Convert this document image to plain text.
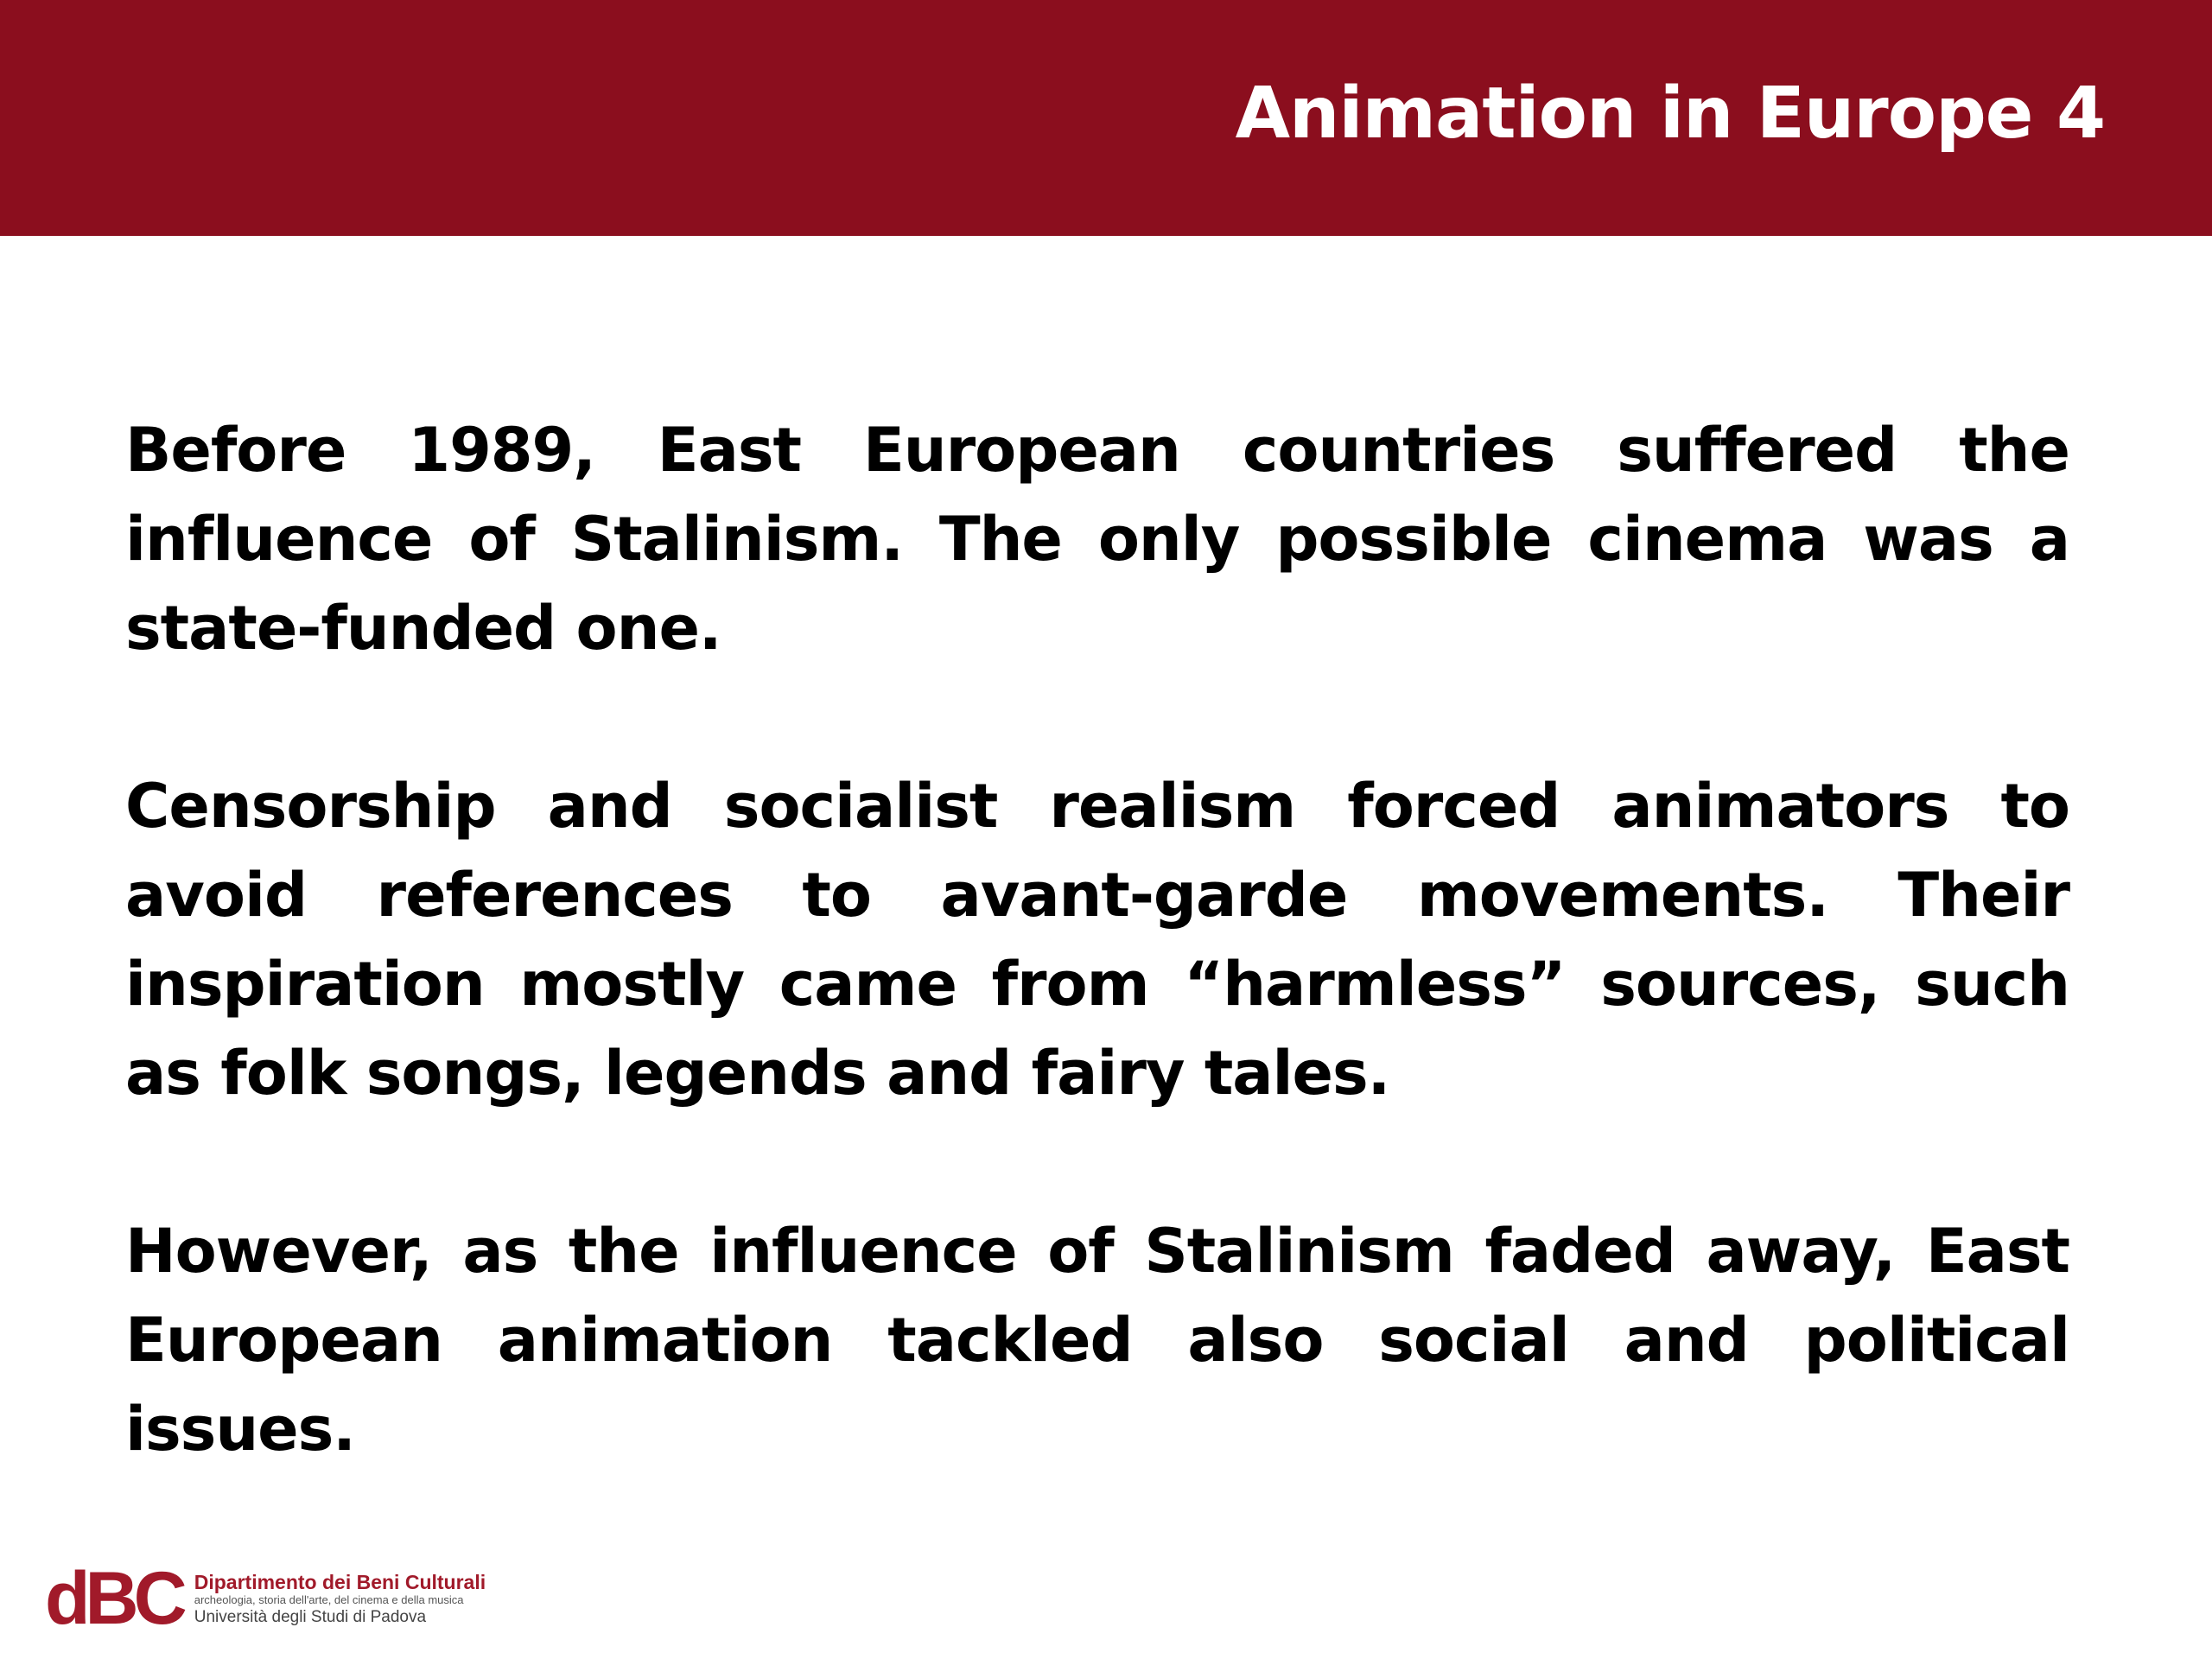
Animation in Europe 4

Before 1989, East European countries suffered the influence of Stalinism. The only possible cinema was a state-funded one.

Censorship and socialist realism forced animators to avoid references to avant-garde movements. Their inspiration mostly came from “harmless” sources, such as folk songs, legends and fairy tales.

However, as the influence of Stalinism faded away, East European animation tackled also social and political issues.

dBC Dipartimento dei Beni Culturali
archeologia, storia dell'arte, del cinema e della musica
Università degli Studi di Padova
